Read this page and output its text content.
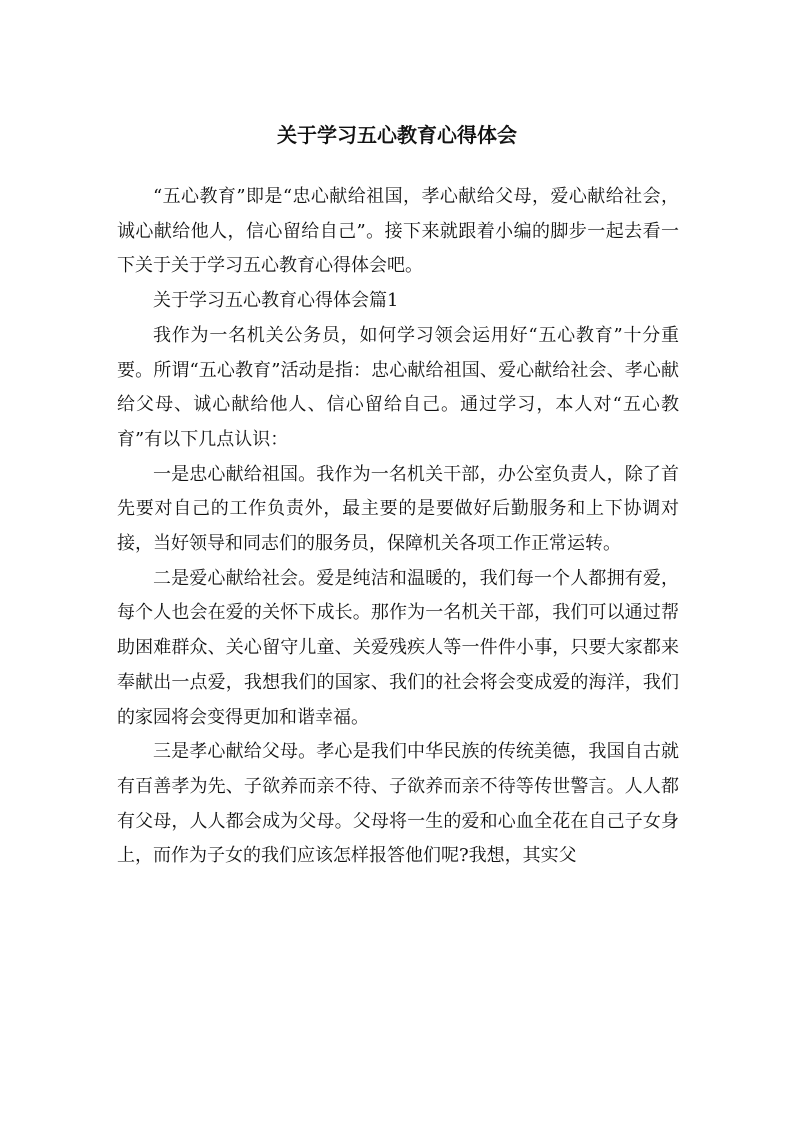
关于学习五心教育心得体会

“五心教育”即是“忠心献给祖国，孝心献给父母，爱心献给社会，诚心献给他人，信心留给自己”。接下来就跟着小编的脚步一起去看一下关于关于学习五心教育心得体会吧。

关于学习五心教育心得体会篇1

我作为一名机关公务员，如何学习领会运用好“五心教育”十分重要。所谓“五心教育”活动是指：忠心献给祖国、爱心献给社会、孝心献给父母、诚心献给他人、信心留给自己。通过学习，本人对“五心教育”有以下几点认识：

一是忠心献给祖国。我作为一名机关干部，办公室负责人，除了首先要对自己的工作负责外，最主要的是要做好后勤服务和上下协调对接，当好领导和同志们的服务员，保障机关各项工作正常运转。

二是爱心献给社会。爱是纯洁和温暖的，我们每一个人都拥有爱，每个人也会在爱的关怀下成长。那作为一名机关干部，我们可以通过帮助困难群众、关心留守儿童、关爱残疾人等一件件小事，只要大家都来奉献出一点爱，我想我们的国家、我们的社会将会变成爱的海洋，我们的家园将会变得更加和谐幸福。

三是孝心献给父母。孝心是我们中华民族的传统美德，我国自古就有百善孝为先、子欲养而亲不待、子欲养而亲不待等传世警言。人人都有父母，人人都会成为父母。父母将一生的爱和心血全花在自己子女身上，而作为子女的我们应该怎样报答他们呢?我想，其实父
